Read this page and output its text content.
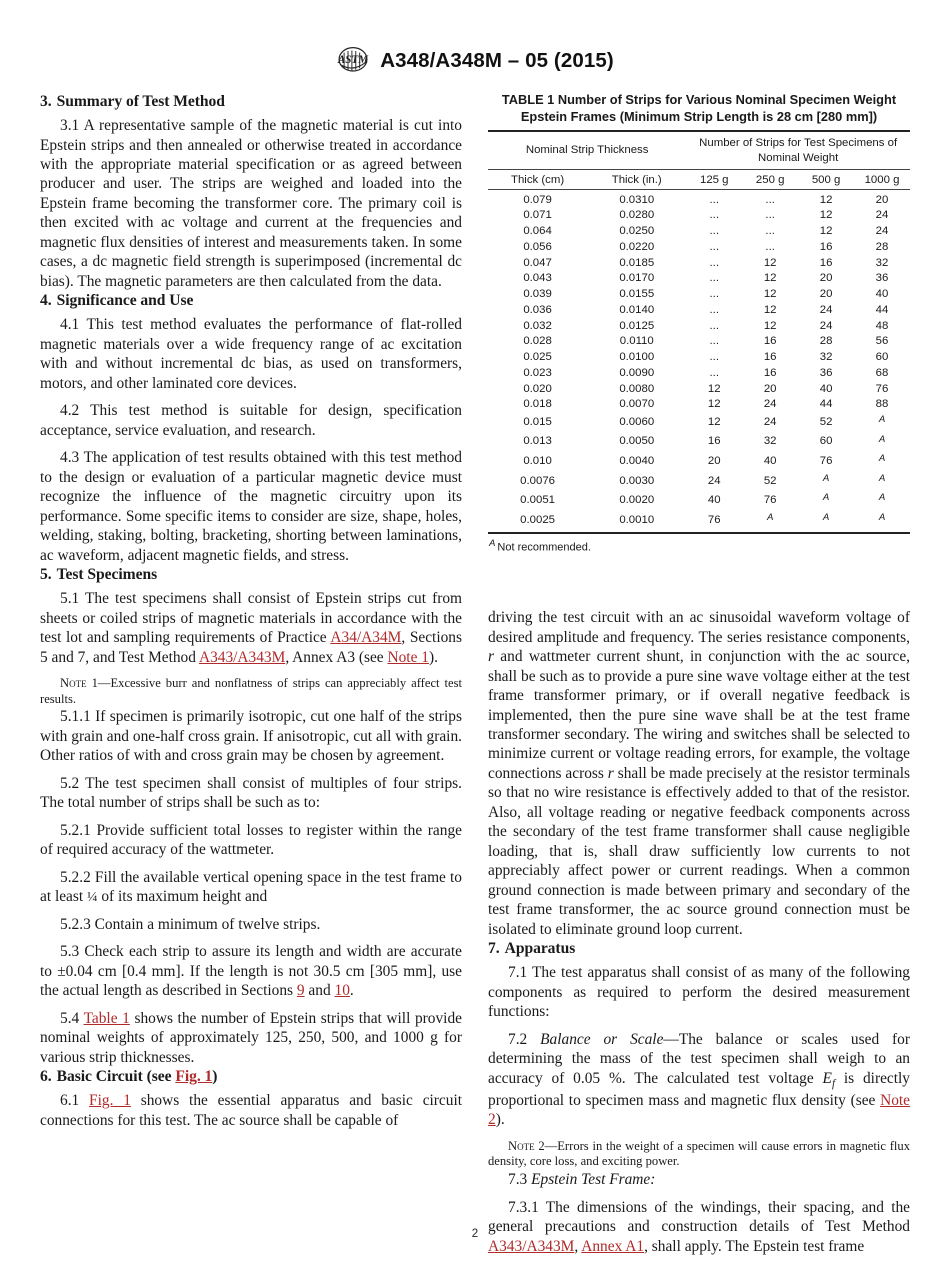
ASTM A348/A348M – 05 (2015)
3. Summary of Test Method

3.1 A representative sample of the magnetic material is cut into Epstein strips and then annealed or otherwise treated in accordance with the appropriate material specification or as agreed between producer and user. The strips are weighed and loaded into the Epstein frame becoming the transformer core. The primary coil is then excited with ac voltage and current at the frequencies and magnetic flux densities of interest and measurements taken. In some cases, a dc magnetic field strength is superimposed (incremental dc bias). The magnetic parameters are then calculated from the data.

4. Significance and Use

4.1 This test method evaluates the performance of flat-rolled magnetic materials over a wide frequency range of ac excitation with and without incremental dc bias, as used on transformers, motors, and other laminated core devices.

4.2 This test method is suitable for design, specification acceptance, service evaluation, and research.

4.3 The application of test results obtained with this test method to the design or evaluation of a particular magnetic device must recognize the influence of the magnetic circuitry upon its performance. Some specific items to consider are size, shape, holes, welding, staking, bolting, bracketing, shorting between laminations, ac waveform, adjacent magnetic fields, and stress.

5. Test Specimens

5.1 The test specimens shall consist of Epstein strips cut from sheets or coiled strips of magnetic materials in accordance with the test lot and sampling requirements of Practice A34/A34M, Sections 5 and 7, and Test Method A343/A343M, Annex A3 (see Note 1).

Note 1—Excessive burr and nonflatness of strips can appreciably affect test results.

5.1.1 If specimen is primarily isotropic, cut one half of the strips with grain and one-half cross grain. If anisotropic, cut all with grain. Other ratios of with and cross grain may be chosen by agreement.

5.2 The test specimen shall consist of multiples of four strips. The total number of strips shall be such as to:

5.2.1 Provide sufficient total losses to register within the range of required accuracy of the wattmeter.

5.2.2 Fill the available vertical opening space in the test frame to at least ¼ of its maximum height and

5.2.3 Contain a minimum of twelve strips.

5.3 Check each strip to assure its length and width are accurate to ±0.04 cm [0.4 mm]. If the length is not 30.5 cm [305 mm], use the actual length as described in Sections 9 and 10.

5.4 Table 1 shows the number of Epstein strips that will provide nominal weights of approximately 125, 250, 500, and 1000 g for various strip thicknesses.

6. Basic Circuit (see Fig. 1)

6.1 Fig. 1 shows the essential apparatus and basic circuit connections for this test. The ac source shall be capable of

TABLE 1 Number of Strips for Various Nominal Specimen Weight
Epstein Frames (Minimum Strip Length is 28 cm [280 mm])
Nominal Strip Thickness		Number of Strips for Test Specimens of Nominal Weight			
Thick (cm)	Thick (in.)	125 g	250 g	500 g	1000 g
0.079	0.0310	...	...	12	20
0.071	0.0280	...	...	12	24
0.064	0.0250	...	...	12	24
0.056	0.0220	...	...	16	28
0.047	0.0185	...	12	16	32
0.043	0.0170	...	12	20	36
0.039	0.0155	...	12	20	40
0.036	0.0140	...	12	24	44
0.032	0.0125	...	12	24	48
0.028	0.0110	...	16	28	56
0.025	0.0100	...	16	32	60
0.023	0.0090	...	16	36	68
0.020	0.0080	12	20	40	76
0.018	0.0070	12	24	44	88
0.015	0.0060	12	24	52	$^A$
0.013	0.0050	16	32	60	$^A$
0.010	0.0040	20	40	76	$^A$
0.0076	0.0030	24	52	$^A$	$^A$
0.0051	0.0020	40	76	$^A$	$^A$
0.0025	0.0010	76	$^A$	$^A$	$^A$
A Not recommended.

driving the test circuit with an ac sinusoidal waveform voltage of desired amplitude and frequency. The series resistance components, r and wattmeter current shunt, in conjunction with the ac source, shall be such as to provide a pure sine wave voltage either at the test frame transformer primary, or if overall negative feedback is implemented, then the pure sine wave shall be at the test frame transformer secondary. The wiring and switches shall be selected to minimize current or voltage reading errors, for example, the voltage connections across r shall be made precisely at the resistor terminals so that no wire resistance is effectively added to that of the resistor. Also, all voltage reading or negative feedback components across the secondary of the test frame transformer shall cause negligible loading, that is, shall draw sufficiently low currents to not appreciably affect power or current readings. When a common ground connection is made between primary and secondary of the test frame transformer, the ac source ground connection must be isolated to eliminate ground loop current.

7. Apparatus

7.1 The test apparatus shall consist of as many of the following components as required to perform the desired measurement functions:

7.2 Balance or Scale—The balance or scales used for determining the mass of the test specimen shall weigh to an accuracy of 0.05 %. The calculated test voltage $E_f$ is directly proportional to specimen mass and magnetic flux density (see Note 2).

Note 2—Errors in the weight of a specimen will cause errors in magnetic flux density, core loss, and exciting power.

7.3 Epstein Test Frame:

7.3.1 The dimensions of the windings, their spacing, and the general precautions and construction details of Test Method A343/A343M, Annex A1, shall apply. The Epstein test frame

2
